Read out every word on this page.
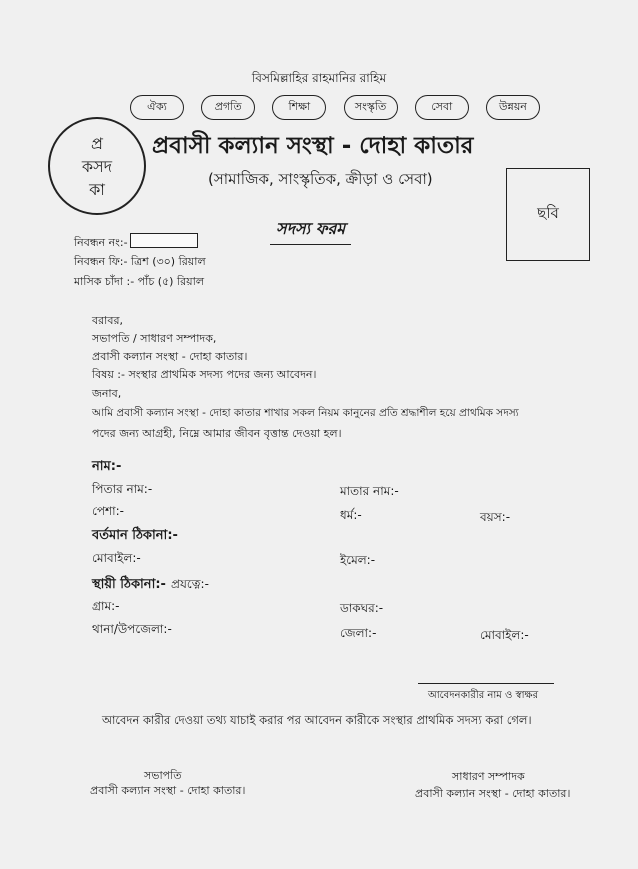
বিসমিল্লাহির রাহমানির রাহিম
ঐক্য	প্রগতি	শিক্ষা	সংস্কৃতি	সেবা	উন্নয়ন
প্র
কসদ
কা
প্রবাসী কল্যান সংস্থা - দোহা কাতার
(সামাজিক, সাংস্কৃতিক, ক্রীড়া ও সেবা)
ছবি
সদস্য ফরম
নিবন্ধন নং:-
নিবন্ধন ফি:- ত্রিশ (৩০) রিয়াল
মাসিক চাঁদা :- পাঁচ (৫) রিয়াল
বরাবর,
সভাপতি / সাধারণ সম্পাদক,
প্রবাসী কল্যান সংস্থা - দোহা কাতার।
বিষয় :- সংস্থার প্রাথমিক সদস্য পদের জন্য আবেদন।
জনাব,
আমি প্রবাসী কল্যান সংস্থা - দোহা কাতার শাখার সকল নিয়ম কানুনের প্রতি শ্রদ্ধাশীল হয়ে প্রাথমিক সদস্য
পদের জন্য আগ্রহী, নিম্নে আমার জীবন বৃত্তান্ত দেওয়া হল।
নাম:-
পিতার নাম:-	মাতার নাম:-
পেশা:-	ধর্ম:-	বয়স:-
বর্তমান ঠিকানা:-
মোবাইল:-	ইমেল:-
স্থায়ী ঠিকানা:- প্রযত্নে:-
গ্রাম:-	ডাকঘর:-
থানা/উপজেলা:-	জেলা:-	মোবাইল:-
আবেদনকারীর নাম ও স্বাক্ষর
আবেদন কারীর দেওয়া তথ্য যাচাই করার পর আবেদন কারীকে সংস্থার প্রাথমিক সদস্য করা গেল।
সভাপতি
প্রবাসী কল্যান সংস্থা - দোহা কাতার।
সাধারণ সম্পাদক
প্রবাসী কল্যান সংস্থা - দোহা কাতার।
